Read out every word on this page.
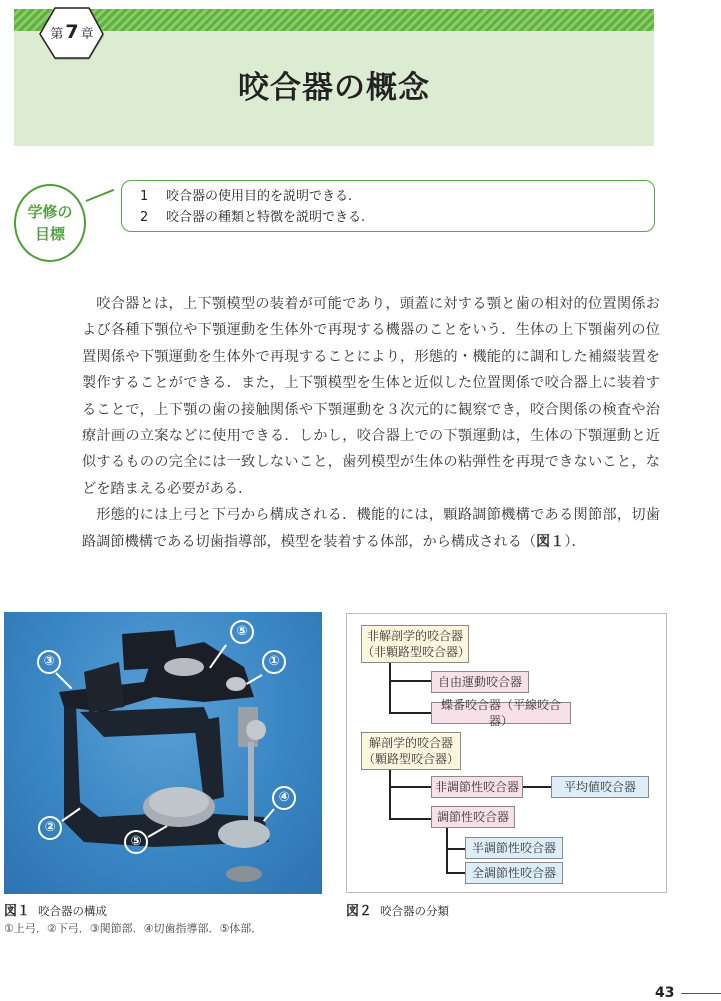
第 7 章
咬合器の概念
学修の
目標
1 咬合器の使用目的を説明できる.
2 咬合器の種類と特徴を説明できる.

咬合器とは，上下顎模型の装着が可能であり，頭蓋に対する顎と歯の相対的位置関係および各種下顎位や下顎運動を生体外で再現する機器のことをいう．生体の上下顎歯列の位置関係や下顎運動を生体外で再現することにより，形態的・機能的に調和した補綴装置を製作することができる．また，上下顎模型を生体と近似した位置関係で咬合器上に装着することで，上下顎の歯の接触関係や下顎運動を３次元的に観察でき，咬合関係の検査や治療計画の立案などに使用できる．しかし，咬合器上での下顎運動は，生体の下顎運動と近似するものの完全には一致しないこと，歯列模型が生体の粘弾性を再現できないこと，などを踏まえる必要がある．

形態的には上弓と下弓から構成される．機能的には，顆路調節機構である関節部，切歯路調節機構である切歯指導部，模型を装着する体部，から構成される（図１）．

⑤
③	①
④
②
⑤
図１ 咬合器の構成
①上弓．②下弓．③関節部．④切歯指導部．⑤体部．
非解剖学的咬合器
（非顆路型咬合器）
自由運動咬合器
蝶番咬合器（平線咬合器）
解剖学的咬合器
（顆路型咬合器）
非調節性咬合器	平均値咬合器
調節性咬合器
半調節性咬合器
全調節性咬合器
図２ 咬合器の分類
43
